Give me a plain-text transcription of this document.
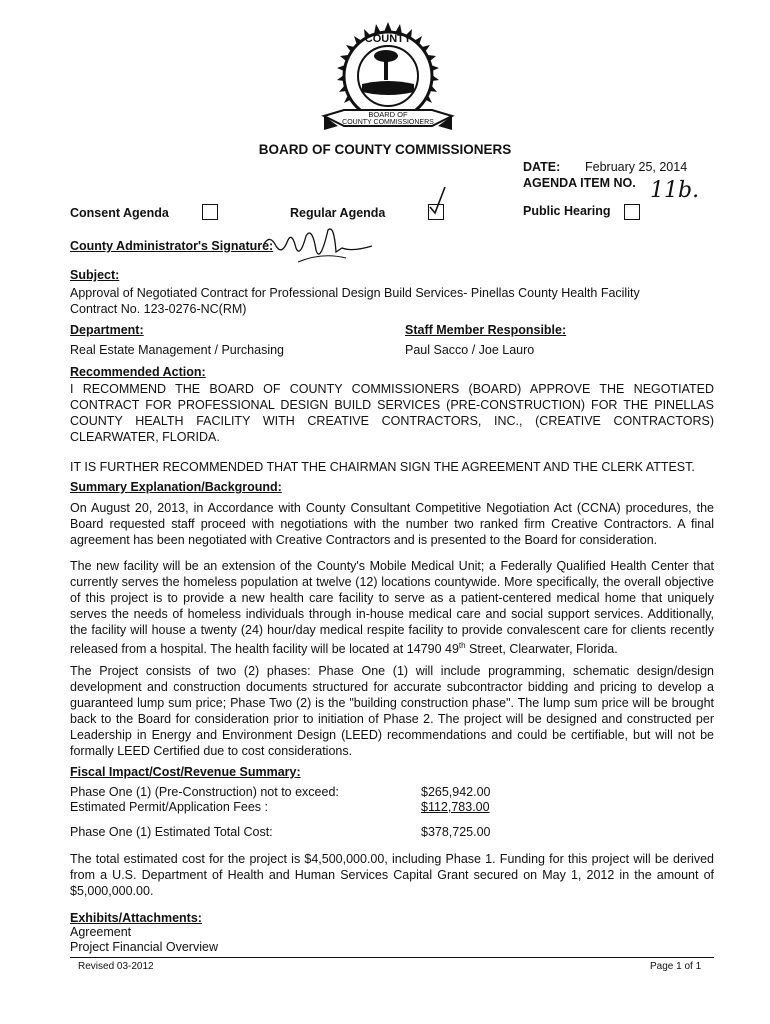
COUNTY
BOARD OF
COUNTY COMMISSIONERS
BOARD OF COUNTY COMMISSIONERS
DATE: February 25, 2014
AGENDA ITEM NO. 11b.
Consent Agenda	Regular Agenda	Public Hearing
County Administrator's Signature:
Subject:
Approval of Negotiated Contract for Professional Design Build Services- Pinellas County Health Facility
Contract No. 123-0276-NC(RM)
Department:	Staff Member Responsible:
Real Estate Management / Purchasing	Paul Sacco / Joe Lauro
Recommended Action:
I RECOMMEND THE BOARD OF COUNTY COMMISSIONERS (BOARD) APPROVE THE NEGOTIATED CONTRACT FOR PROFESSIONAL DESIGN BUILD SERVICES (PRE-CONSTRUCTION) FOR THE PINELLAS COUNTY HEALTH FACILITY WITH CREATIVE CONTRACTORS, INC., (CREATIVE CONTRACTORS) CLEARWATER, FLORIDA.
IT IS FURTHER RECOMMENDED THAT THE CHAIRMAN SIGN THE AGREEMENT AND THE CLERK ATTEST.
Summary Explanation/Background:
On August 20, 2013, in Accordance with County Consultant Competitive Negotiation Act (CCNA) procedures, the Board requested staff proceed with negotiations with the number two ranked firm Creative Contractors. A final agreement has been negotiated with Creative Contractors and is presented to the Board for consideration.
The new facility will be an extension of the County's Mobile Medical Unit; a Federally Qualified Health Center that currently serves the homeless population at twelve (12) locations countywide. More specifically, the overall objective of this project is to provide a new health care facility to serve as a patient-centered medical home that uniquely serves the needs of homeless individuals through in-house medical care and social support services. Additionally, the facility will house a twenty (24) hour/day medical respite facility to provide convalescent care for clients recently released from a hospital. The health facility will be located at 14790 49th Street, Clearwater, Florida.
The Project consists of two (2) phases: Phase One (1) will include programming, schematic design/design development and construction documents structured for accurate subcontractor bidding and pricing to develop a guaranteed lump sum price; Phase Two (2) is the "building construction phase". The lump sum price will be brought back to the Board for consideration prior to initiation of Phase 2. The project will be designed and constructed per Leadership in Energy and Environment Design (LEED) recommendations and could be certifiable, but will not be formally LEED Certified due to cost considerations.
Fiscal Impact/Cost/Revenue Summary:
Phase One (1) (Pre-Construction) not to exceed:	$265,942.00
Estimated Permit/Application Fees :	$112,783.00
Phase One (1) Estimated Total Cost:	$378,725.00
The total estimated cost for the project is $4,500,000.00, including Phase 1. Funding for this project will be derived from a U.S. Department of Health and Human Services Capital Grant secured on May 1, 2012 in the amount of $5,000,000.00.
Exhibits/Attachments:
Agreement
Project Financial Overview
Revised 03-2012	Page 1 of 1
